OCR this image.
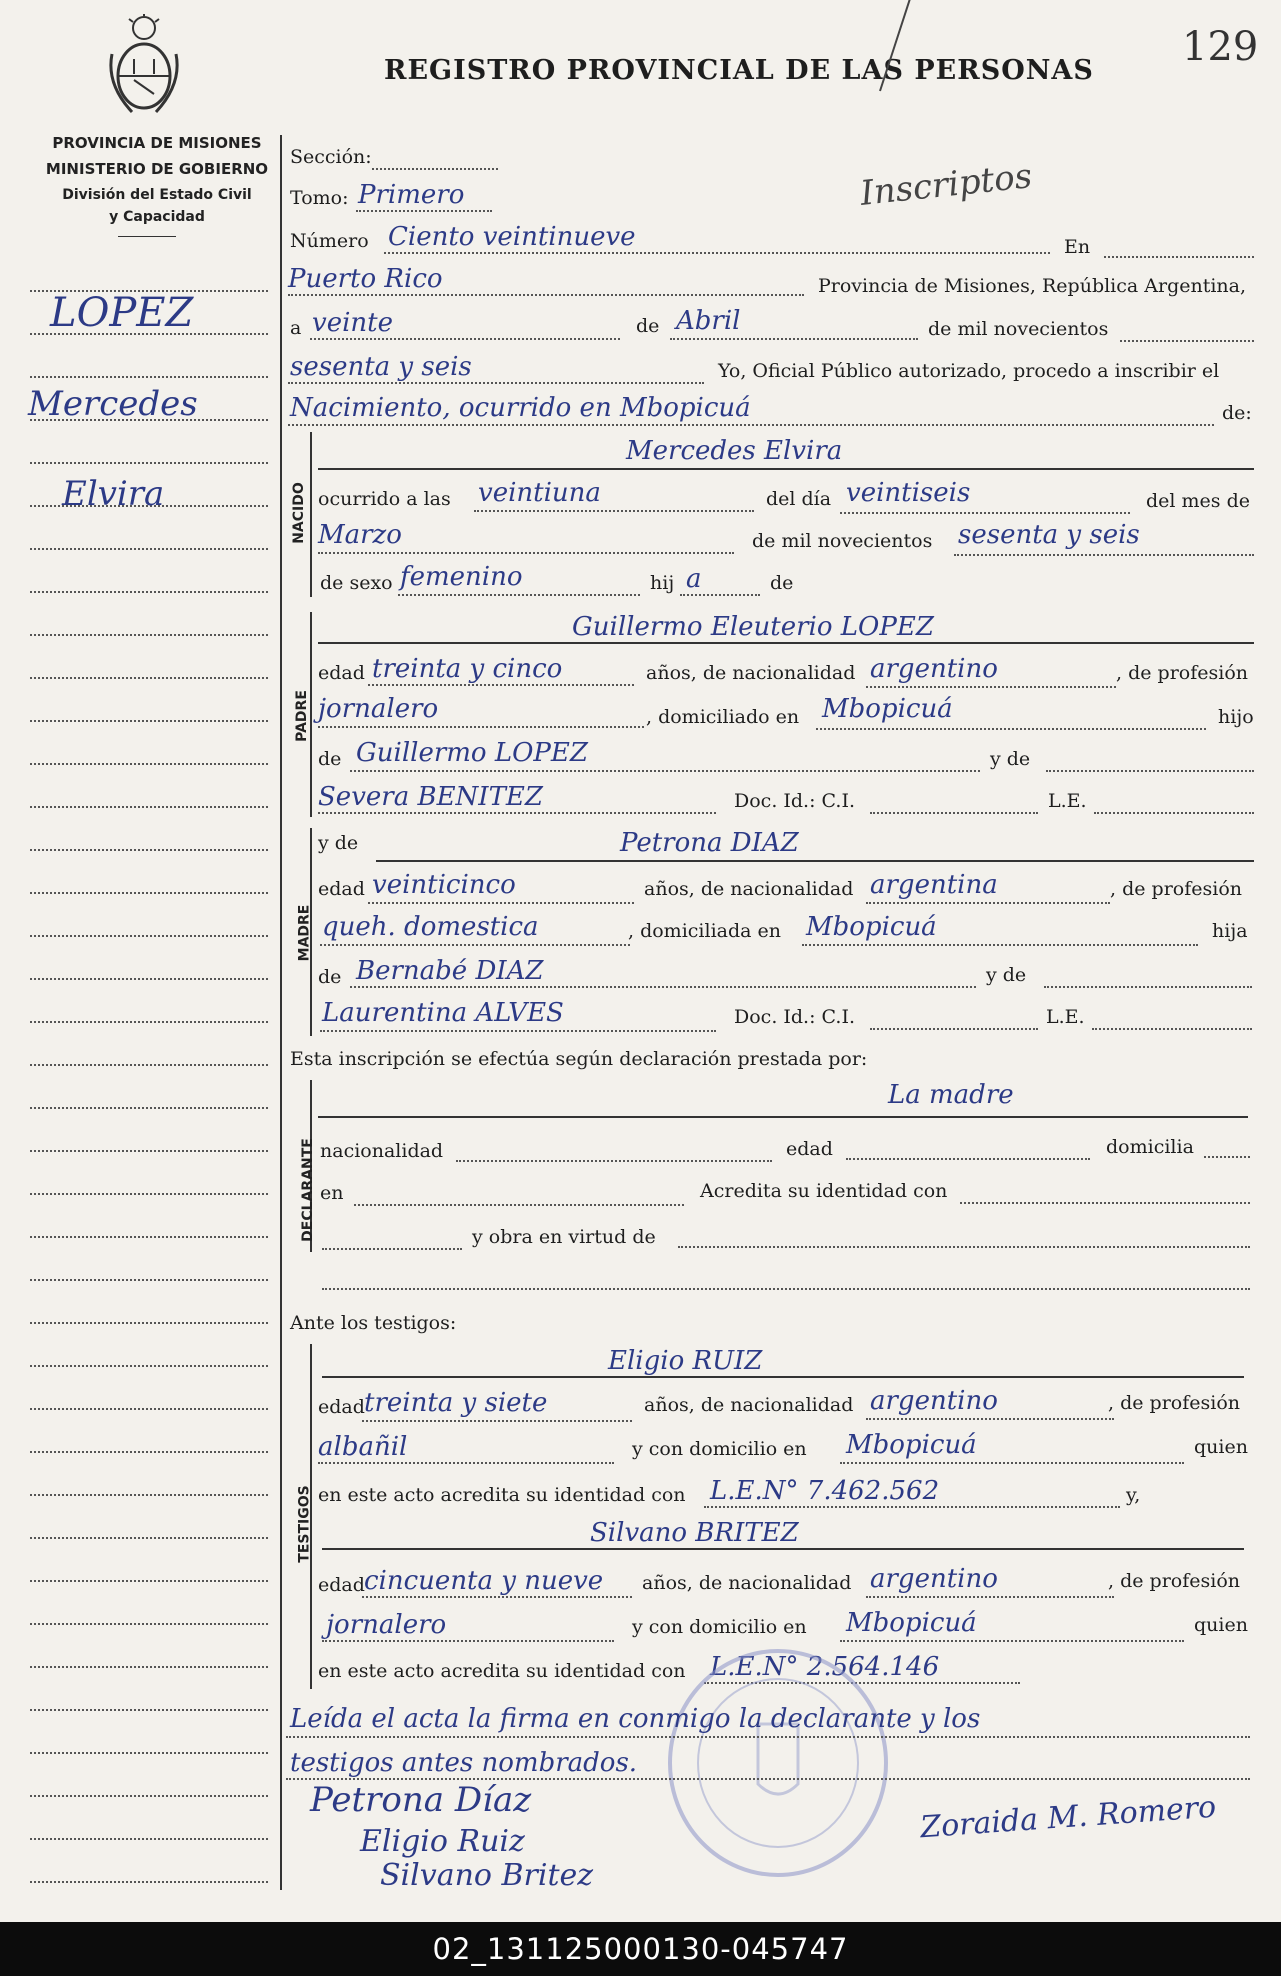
PROVINCIA DE MISIONES
MINISTERIO DE GOBIERNO
División del Estado Civil
y Capacidad
REGISTRO PROVINCIAL DE LAS PERSONAS
129
Inscriptos
LOPEZ
Mercedes
Elvira
Sección:
Tomo: Primero
Número Ciento veintinueve	En
Puerto Rico	Provincia de Misiones, República Argentina,
a veinte	de Abril	de mil novecientos
sesenta y seis	Yo, Oficial Público autorizado, procedo a inscribir el
Nacimiento, ocurrido en Mbopicuá	de:
NACIDO
Mercedes Elvira
ocurrido a las veintiuna	del día veintiseis	del mes de
Marzo	de mil novecientos sesenta y seis
de sexo femenino	hij a	de
PADRE
Guillermo Eleuterio LOPEZ
edad treinta y cinco	años, de nacionalidad argentino	, de profesión
jornalero	, domiciliado en Mbopicuá	hijo
de Guillermo LOPEZ	y de
Severa BENITEZ	Doc. Id.: C.I.	L.E.
MADRE
y de	Petrona DIAZ
edad veinticinco	años, de nacionalidad argentina	, de profesión
queh. domestica	, domiciliada en Mbopicuá	hija
de Bernabé DIAZ	y de
Laurentina ALVES	Doc. Id.: C.I.	L.E.
Esta inscripción se efectúa según declaración prestada por:
DECLARANTE
La madre
nacionalidad	edad	domicilia
en	Acredita su identidad con
y obra en virtud de
Ante los testigos:
TESTIGOS
Eligio RUIZ
edad treinta y siete	años, de nacionalidad argentino	, de profesión
albañil	y con domicilio en Mbopicuá	quien
en este acto acredita su identidad con L.E.N° 7.462.562	y,
Silvano BRITEZ
edad cincuenta y nueve años, de nacionalidad argentino	, de profesión
jornalero	y con domicilio en Mbopicuá	quien
en este acto acredita su identidad con L.E.N° 2.564.146
Leída el acta la firma en conmigo la declarante y los
testigos antes nombrados.
Petrona Díaz
Eligio Ruiz
Silvano Britez
Zoraida M. Romero
02_131125000130-045747
